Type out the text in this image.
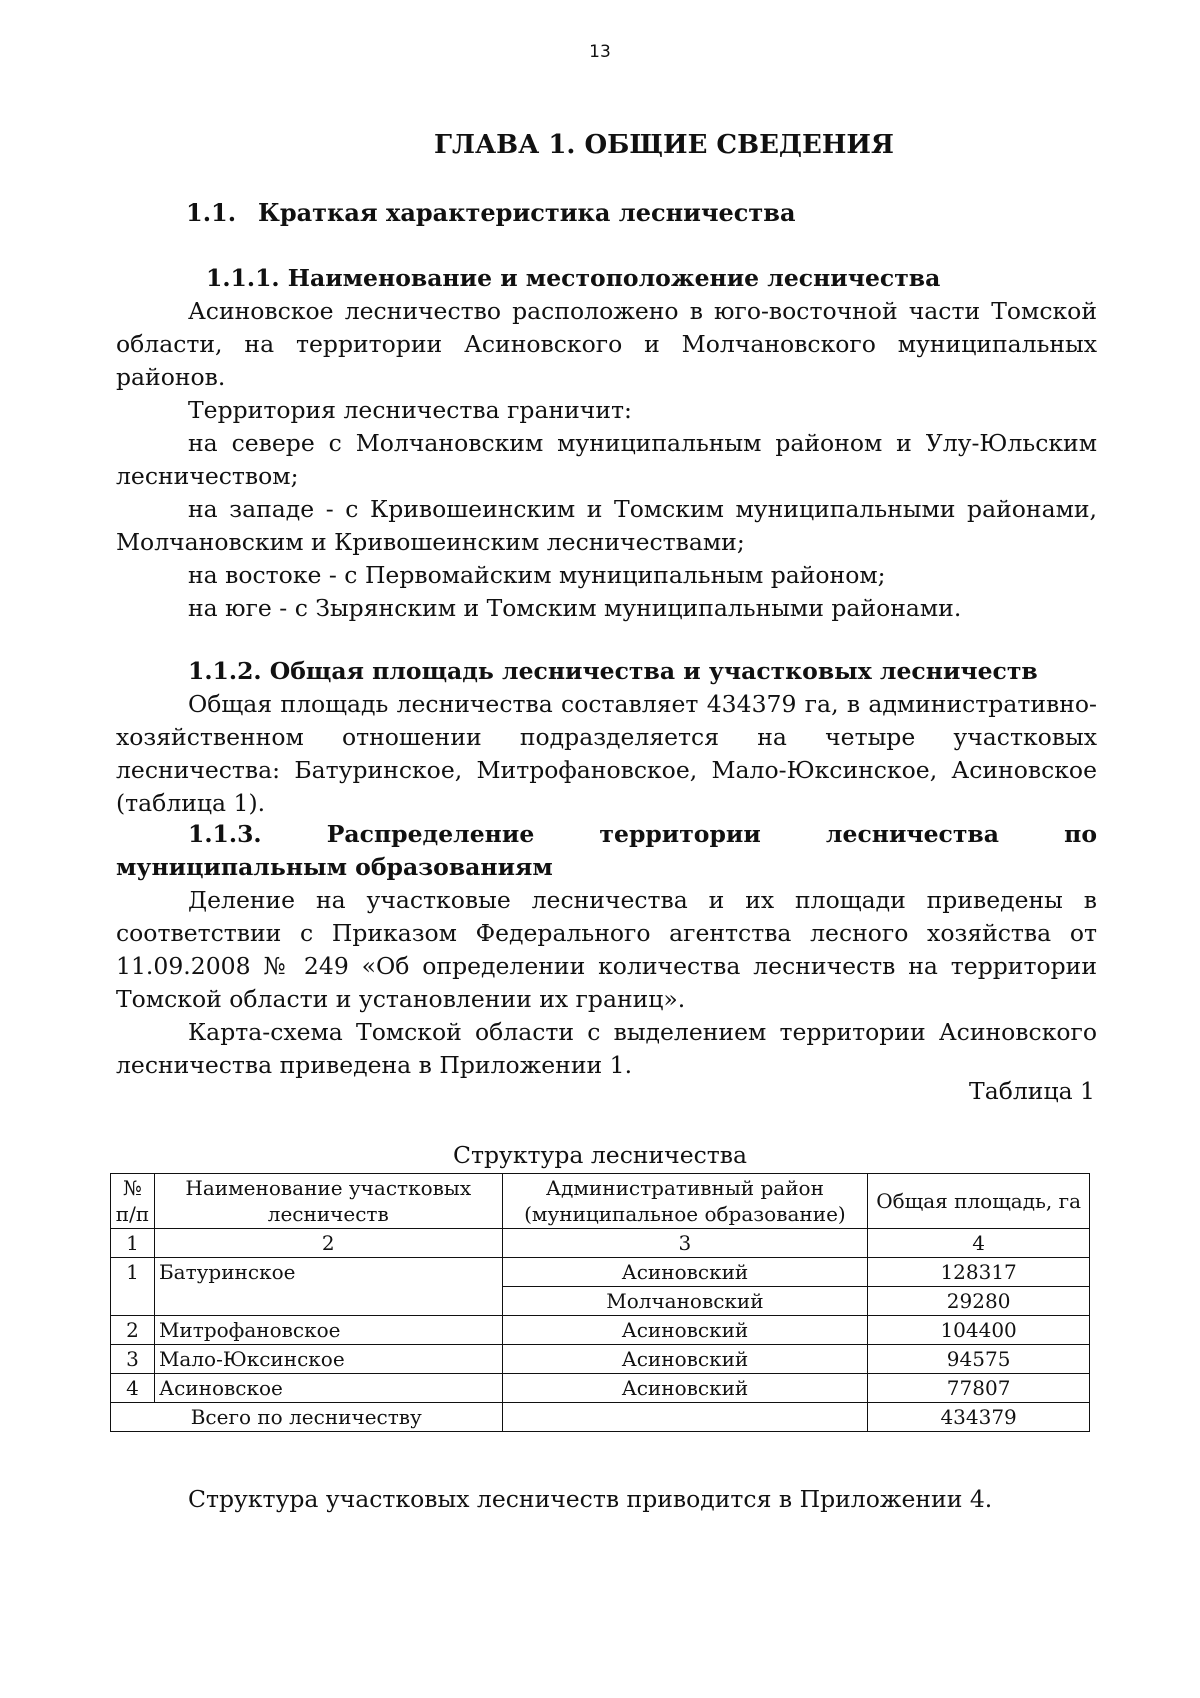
13
ГЛАВА 1. ОБЩИЕ СВЕДЕНИЯ
1.1. Краткая характеристика лесничества

1.1.1. Наименование и местоположение лесничества

Асиновское лесничество расположено в юго-восточной части Томской области, на территории Асиновского и Молчановского муниципальных районов.

Территория лесничества граничит:

на севере с Молчановским муниципальным районом и Улу-Юльским лесничеством;

на западе - с Кривошеинским и Томским муниципальными районами, Молчановским и Кривошеинским лесничествами;

на востоке - с Первомайским муниципальным районом;

на юге - с Зырянским и Томским муниципальными районами.

1.1.2. Общая площадь лесничества и участковых лесничеств

Общая площадь лесничества составляет 434379 га, в административно-хозяйственном отношении подразделяется на четыре участковых лесничества: Батуринское, Митрофановское, Мало-Юксинское, Асиновское (таблица 1).

1.1.3. Распределение территории лесничества по муниципальным образованиям

Деление на участковые лесничества и их площади приведены в соответствии с Приказом Федерального агентства лесного хозяйства от 11.09.2008 № 249 «Об определении количества лесничеств на территории Томской области и установлении их границ».

Карта-схема Томской области с выделением территории Асиновского лесничества приведена в Приложении 1.

Таблица 1
Структура лесничества
№ п/п	Наименование участковых лесничеств	Административный район (муниципальное образование)	Общая площадь, га
1	2	3	4
1	Батуринское	Асиновский	128317
		Молчановский	29280
2	Митрофановское	Асиновский	104400
3	Мало-Юксинское	Асиновский	94575
4	Асиновское	Асиновский	77807
Всего по лесничеству			434379
Структура участковых лесничеств приводится в Приложении 4.
